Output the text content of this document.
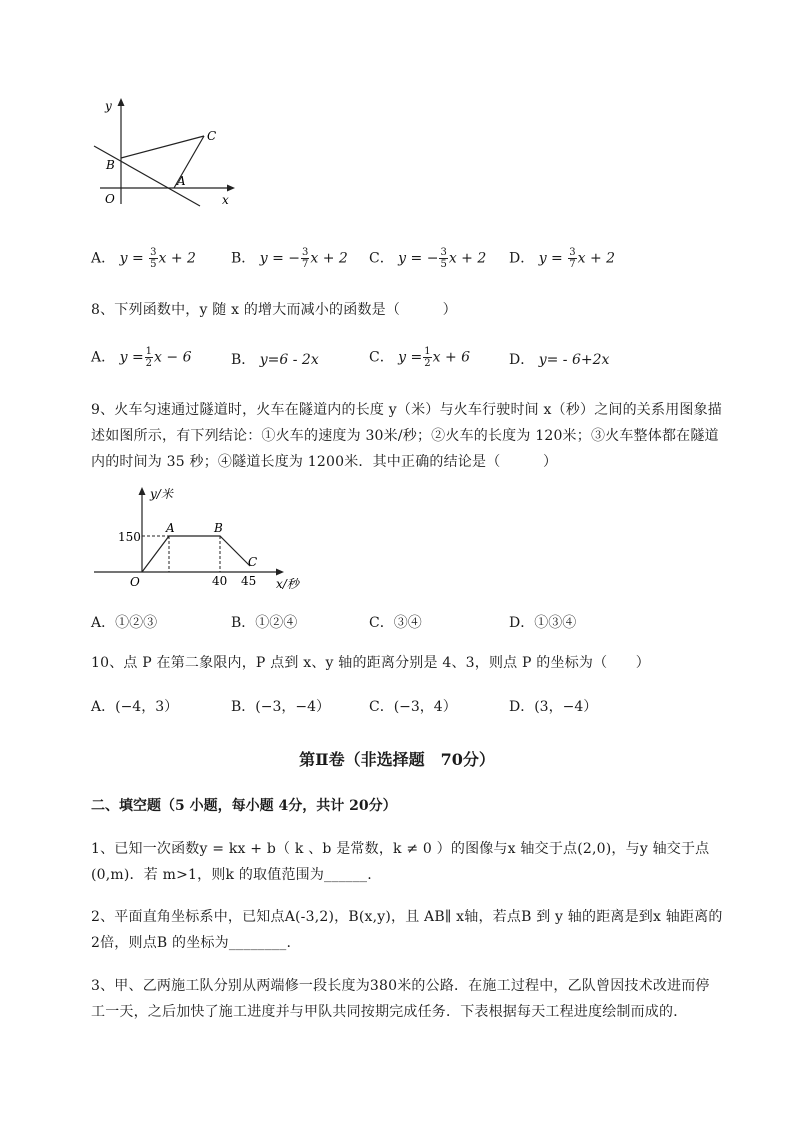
y
x
O
B
A
C
A． $y = \frac{3}{5}$ x + 2	B． y = − $\frac{3}{7}$ x + 2 C． y = − $\frac{3}{5}$ x + 2 D． $y = \frac{3}{7}$ x + 2
8、下列函数中，y 随 x 的增大而减小的函数是（　　　）
A． $y = \frac{1}{2}$ x − 6	B． y=6 - 2x	C． $y = \frac{1}{2}$ x + 6	D． y= - 6+2x
9、火车匀速通过隧道时，火车在隧道内的长度 y（米）与火车行驶时间 x（秒）之间的关系用图象描
述如图所示，有下列结论：①火车的速度为 30米/秒；②火车的长度为 120米；③火车整体都在隧道
内的时间为 35 秒；④隧道长度为 1200米．其中正确的结论是（　　　）
y/米
x/秒
O
150
40 45
A	B
C
A．①②③	B．①②④	C．③④	D．①③④
10、点 P 在第二象限内，P 点到 x、y 轴的距离分别是 4、3，则点 P 的坐标为（　　）
A．(−4，3）	B．(−3，−4）	C．(−3，4）	D．(3，−4）
第Ⅱ卷（非选择题　70分）
二、填空题（5 小题，每小题 4分，共计 20分）
1、已知一次函数y = kx + b（ k 、b 是常数，k ≠ 0 ）的图像与x 轴交于点(2,0)，与y 轴交于点
(0,m)．若 m>1，则k 的取值范围为______.
2、平面直角坐标系中，已知点A(-3,2)，B(x,y)，且 AB∥ x轴，若点B 到 y 轴的距离是到x 轴距离的
2倍，则点B 的坐标为________.
3、甲、乙两施工队分别从两端修一段长度为380米的公路．在施工过程中，乙队曾因技术改进而停
工一天，之后加快了施工进度并与甲队共同按期完成任务．下表根据每天工程进度绘制而成的．
